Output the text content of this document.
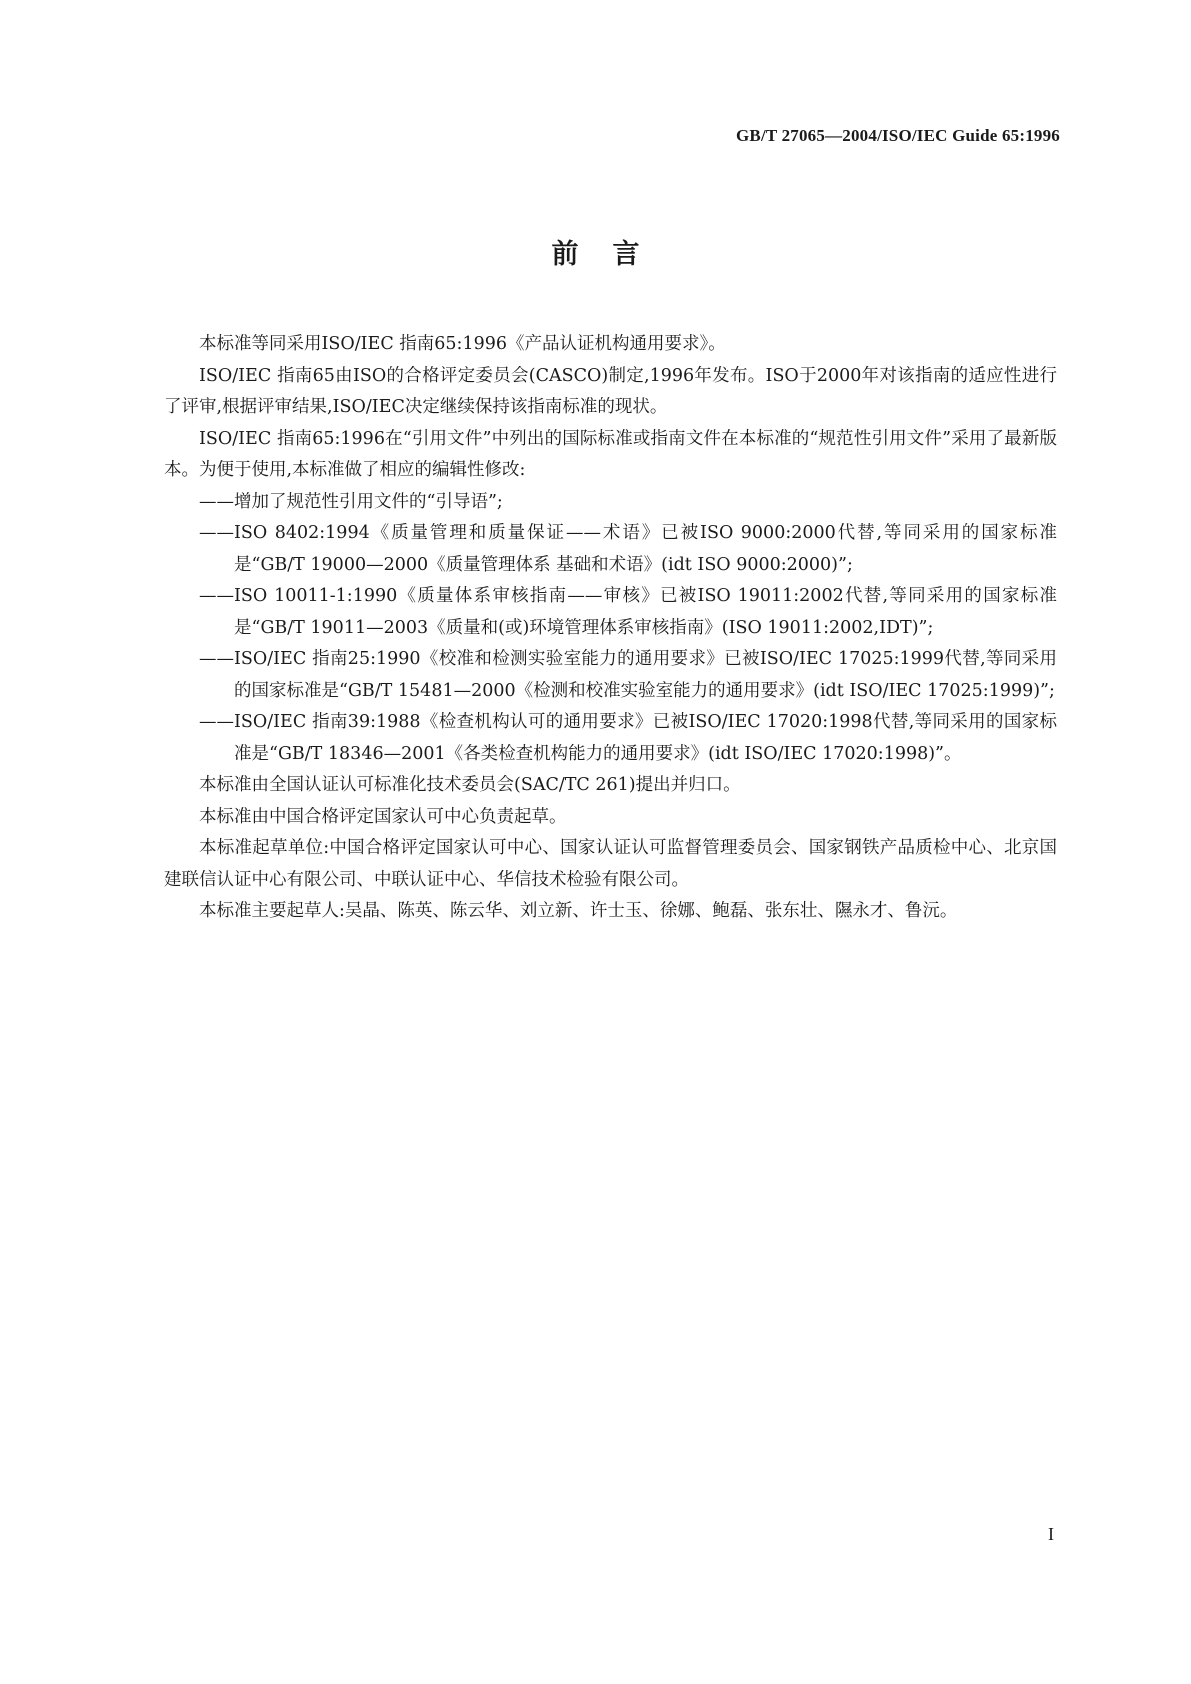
GB/T 27065—2004/ISO/IEC Guide 65:1996
前言

本标准等同采用ISO/IEC 指南65:1996《产品认证机构通用要求》。

ISO/IEC 指南65由ISO的合格评定委员会(CASCO)制定,1996年发布。ISO于2000年对该指南的适应性进行了评审,根据评审结果,ISO/IEC决定继续保持该指南标准的现状。

ISO/IEC 指南65:1996在“引用文件”中列出的国际标准或指南文件在本标准的“规范性引用文件”采用了最新版本。为便于使用,本标准做了相应的编辑性修改:

——增加了规范性引用文件的“引导语”;
——ISO 8402:1994《质量管理和质量保证——术语》已被ISO 9000:2000代替,等同采用的国家标准是“GB/T 19000—2000《质量管理体系 基础和术语》(idt ISO 9000:2000)”;
——ISO 10011-1:1990《质量体系审核指南——审核》已被ISO 19011:2002代替,等同采用的国家标准是“GB/T 19011—2003《质量和(或)环境管理体系审核指南》(ISO 19011:2002,IDT)”;
——ISO/IEC 指南25:1990《校准和检测实验室能力的通用要求》已被ISO/IEC 17025:1999代替,等同采用的国家标准是“GB/T 15481—2000《检测和校准实验室能力的通用要求》(idt ISO/IEC 17025:1999)”;
——ISO/IEC 指南39:1988《检查机构认可的通用要求》已被ISO/IEC 17020:1998代替,等同采用的国家标准是“GB/T 18346—2001《各类检查机构能力的通用要求》(idt ISO/IEC 17020:1998)”。

本标准由全国认证认可标准化技术委员会(SAC/TC 261)提出并归口。

本标准由中国合格评定国家认可中心负责起草。

本标准起草单位:中国合格评定国家认可中心、国家认证认可监督管理委员会、国家钢铁产品质检中心、北京国建联信认证中心有限公司、中联认证中心、华信技术检验有限公司。

本标准主要起草人:吴晶、陈英、陈云华、刘立新、许士玉、徐娜、鲍磊、张东壮、隰永才、鲁沅。

I
